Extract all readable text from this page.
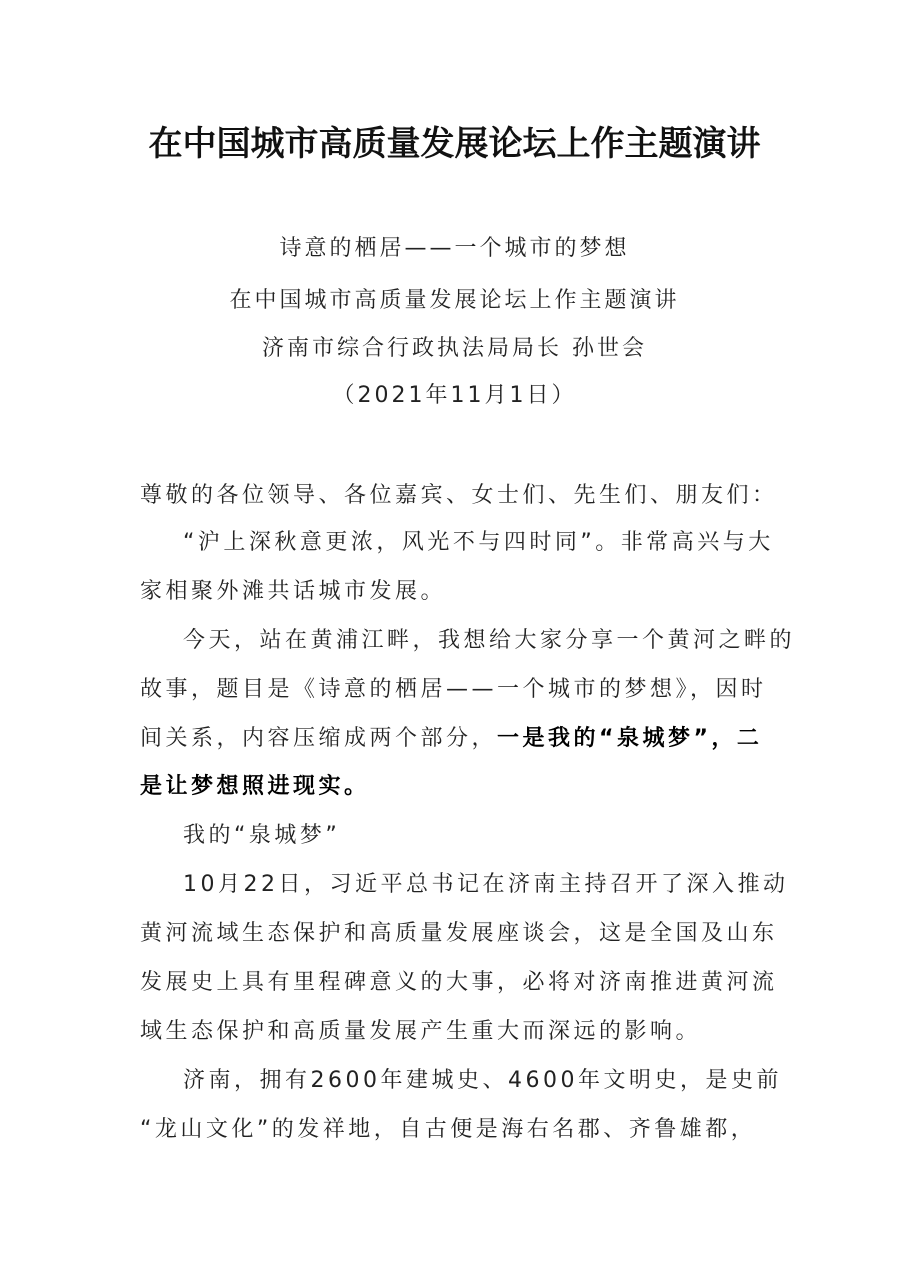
在中国城市高质量发展论坛上作主题演讲
诗意的栖居——一个城市的梦想
在中国城市高质量发展论坛上作主题演讲
济南市综合行政执法局局长 孙世会
（2021年11月1日）
尊敬的各位领导、各位嘉宾、女士们、先生们、朋友们：
“沪上深秋意更浓，风光不与四时同”。非常高兴与大
家相聚外滩共话城市发展。
今天，站在黄浦江畔，我想给大家分享一个黄河之畔的
故事，题目是《诗意的栖居——一个城市的梦想》，因时
间关系，内容压缩成两个部分，一是我的“泉城梦”，二
是让梦想照进现实。
我的“泉城梦”
10月22日，习近平总书记在济南主持召开了深入推动
黄河流域生态保护和高质量发展座谈会，这是全国及山东
发展史上具有里程碑意义的大事，必将对济南推进黄河流
域生态保护和高质量发展产生重大而深远的影响。
济南，拥有2600年建城史、4600年文明史，是史前
“龙山文化”的发祥地，自古便是海右名郡、齐鲁雄都，
